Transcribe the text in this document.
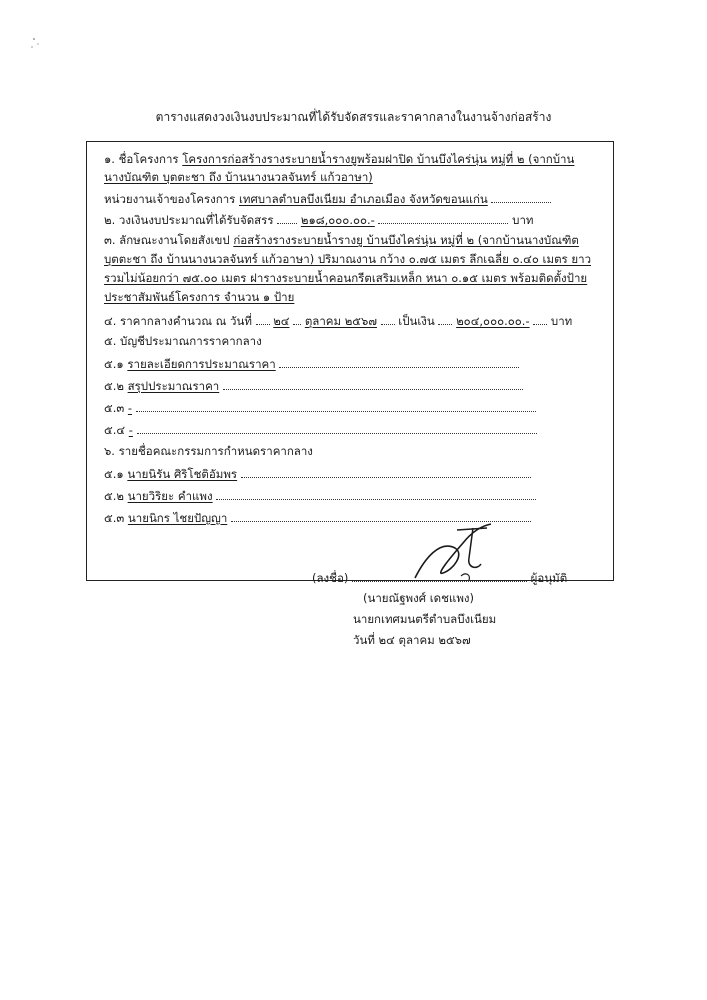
ตารางแสดงวงเงินงบประมาณที่ได้รับจัดสรรและราคากลางในงานจ้างก่อสร้าง
๑. ชื่อโครงการ โครงการก่อสร้างรางระบายน้ำรางยูพร้อมฝาปิด บ้านบึงไคร่นุ่น หมู่ที่ ๒ (จากบ้าน
นางบัณฑิต บุตตะชา ถึง บ้านนางนวลจันทร์ แก้วอาษา)
หน่วยงานเจ้าของโครงการ เทศบาลตำบลบึงเนียม อำเภอเมือง จังหวัดขอนแก่น
๒. วงเงินงบประมาณที่ได้รับจัดสรร ๒๑๘,๐๐๐.๐๐.-	บาท
๓. ลักษณะงานโดยสังเขป ก่อสร้างรางระบายน้ำรางยู บ้านบึงไคร่นุ่น หมู่ที่ ๒ (จากบ้านนางบัณฑิต
บุตตะชา ถึง บ้านนางนวลจันทร์ แก้วอาษา) ปริมาณงาน กว้าง ๐.๗๕ เมตร ลึกเฉลี่ย ๐.๔๐ เมตร ยาว
รวมไม่น้อยกว่า ๗๕.๐๐ เมตร ฝารางระบายน้ำคอนกรีตเสริมเหล็ก หนา ๐.๑๕ เมตร พร้อมติดตั้งป้าย
ประชาสัมพันธ์โครงการ จำนวน ๑ ป้าย
๔. ราคากลางคำนวณ ณ วันที่ ๒๔ ตุลาคม ๒๕๖๗ เป็นเงิน ๒๐๔,๐๐๐.๐๐.- บาท
๕. บัญชีประมาณการราคากลาง
๕.๑ รายละเอียดการประมาณราคา
๕.๒ สรุปประมาณราคา
๕.๓ -
๕.๔ -
๖. รายชื่อคณะกรรมการกำหนดราคากลาง
๕.๑ นายนิรัน ศิริโชติอัมพร
๕.๒ นายวิริยะ คำแพง
๕.๓ นายนิกร ไชยปัญญา
(ลงชื่อ)	ผู้อนุมัติ
(นายณัฐพงศ์ เดชแพง)
นายกเทศมนตรีตำบลบึงเนียม
วันที่ ๒๔ ตุลาคม ๒๕๖๗
